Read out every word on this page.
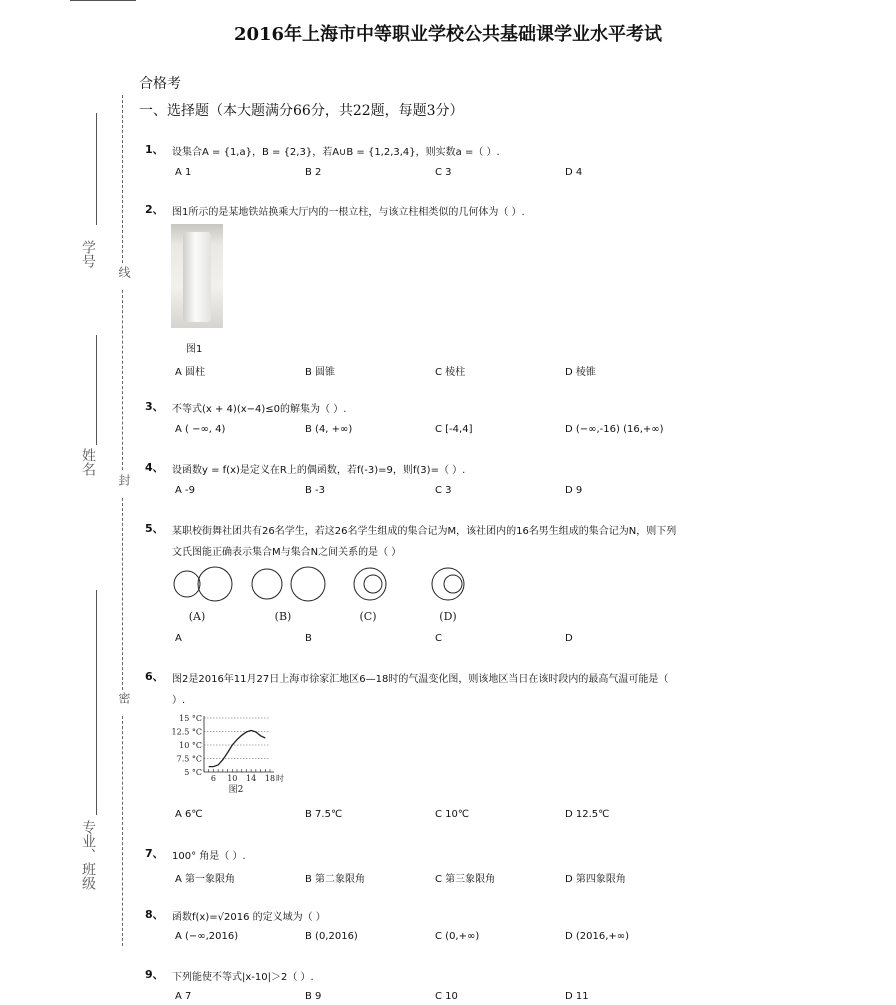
2016年上海市中等职业学校公共基础课学业水平考试
合格考
一、选择题（本大题满分66分，共22题，每题3分）
学号
姓名
专业、班级
线
封
密
1、 设集合A = {1,a}，B = {2,3}，若A∪B = {1,2,3,4}，则实数a =（ ）.
A 1	B 2	C 3	D 4
2、 图1所示的是某地铁站换乘大厅内的一根立柱，与该立柱相类似的几何体为（ ）.
图1
A 圆柱	B 圆锥	C 棱柱	D 棱锥
3、 不等式(x + 4)(x−4)≤0的解集为（ ）.
A ( −∞, 4)	B (4, +∞)	C [-4,4]	D (−∞,-16) (16,+∞)
4、 设函数y = f(x)是定义在R上的偶函数，若f(-3)=9，则f(3)=（ ）.
A -9	B -3	C 3	D 9
5、 某职校街舞社团共有26名学生，若这26名学生组成的集合记为M，该社团内的16名男生组成的集合记为N，则下列
文氏图能正确表示集合M与集合N之间关系的是（ ）
(A)	(B)	(C)	(D)
A	B	C	D
6、 图2是2016年11月27日上海市徐家汇地区6—18时的气温变化图，则该地区当日在该时段内的最高气温可能是（
）.
5 °C
7.5 °C
10 °C
12.5 °C
15 °C
6 10 14 18 时
图2
A 6℃	B 7.5℃	C 10℃	D 12.5℃
7、 100° 角是（ ）.
A 第一象限角	B 第二象限角	C 第三象限角	D 第四象限角
8、 函数f(x)=√2016 的定义域为（ ）
A (−∞,2016)	B (0,2016)	C (0,+∞)	D (2016,+∞)
9、 下列能使不等式|x-10|＞2（ ）.
A 7	B 9	C 10	D 11
